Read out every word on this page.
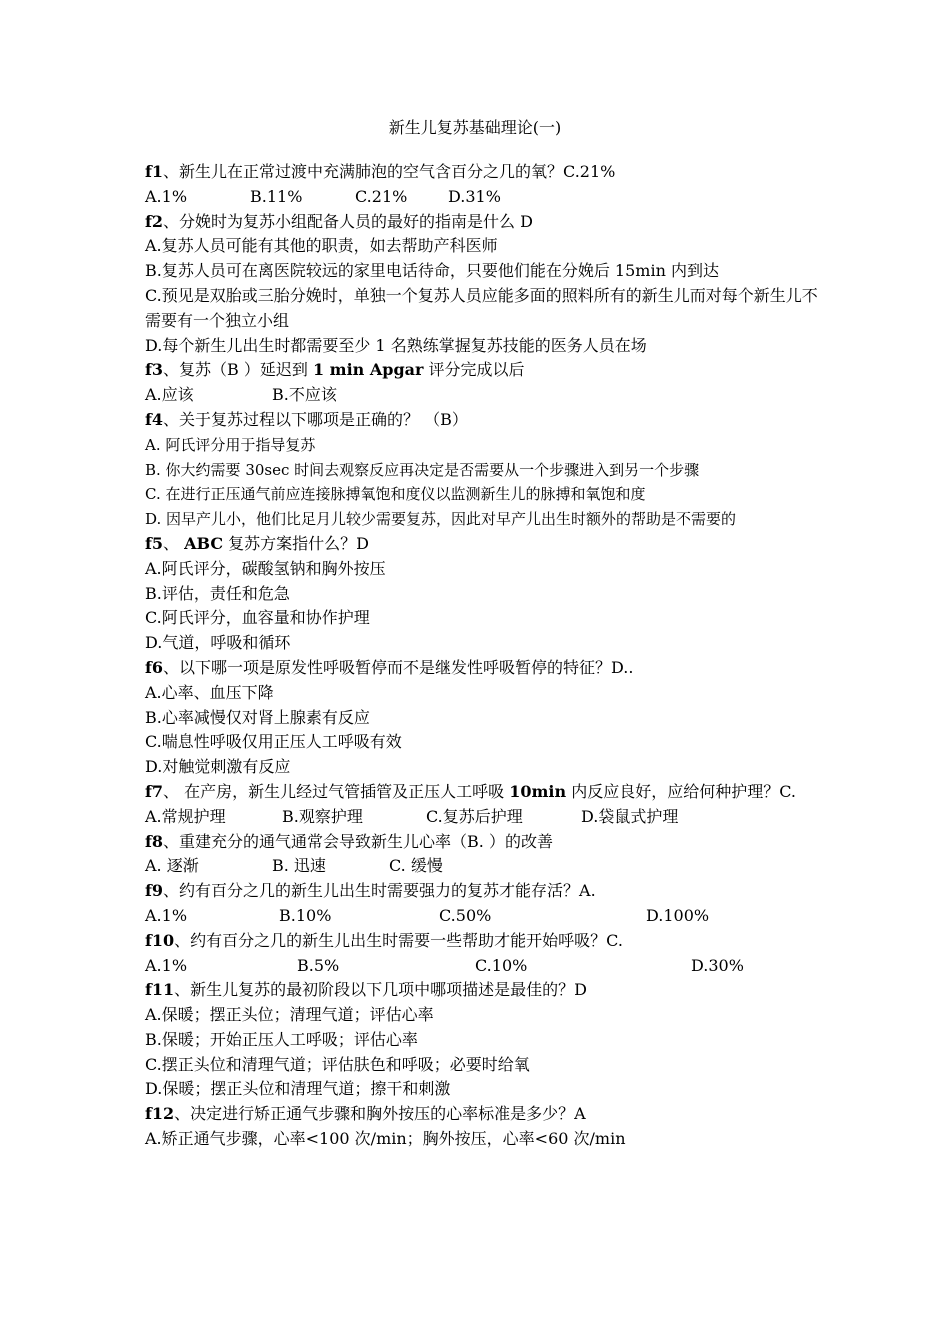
新生儿复苏基础理论(一)
f1、新生儿在正常过渡中充满肺泡的空气含百分之几的氧？C.21%
A.1%	B.11%	C.21%	D.31%
f2、分娩时为复苏小组配备人员的最好的指南是什么 D
A.复苏人员可能有其他的职责，如去帮助产科医师
B.复苏人员可在离医院较远的家里电话待命，只要他们能在分娩后 15min 内到达
C.预见是双胎或三胎分娩时，单独一个复苏人员应能多面的照料所有的新生儿而对每个新生儿不需要有一个独立小组
D.每个新生儿出生时都需要至少 1 名熟练掌握复苏技能的医务人员在场
f3、复苏（B ）延迟到 1 min Apgar 评分完成以后
A.应该	B.不应该
f4、关于复苏过程以下哪项是正确的？ （B）
A. 阿氏评分用于指导复苏
B. 你大约需要 30sec 时间去观察反应再决定是否需要从一个步骤进入到另一个步骤
C. 在进行正压通气前应连接脉搏氧饱和度仪以监测新生儿的脉搏和氧饱和度
D. 因早产儿小，他们比足月儿较少需要复苏，因此对早产儿出生时额外的帮助是不需要的
f5、 ABC 复苏方案指什么？D
A.阿氏评分，碳酸氢钠和胸外按压
B.评估，责任和危急
C.阿氏评分，血容量和协作护理
D.气道，呼吸和循环
f6、以下哪一项是原发性呼吸暂停而不是继发性呼吸暂停的特征？D..
A.心率、血压下降
B.心率减慢仅对肾上腺素有反应
C.喘息性呼吸仅用正压人工呼吸有效
D.对触觉刺激有反应
f7、 在产房，新生儿经过气管插管及正压人工呼吸 10min 内反应良好，应给何种护理？C.
A.常规护理	B.观察护理	C.复苏后护理	D.袋鼠式护理
f8、重建充分的通气通常会导致新生儿心率（B. ）的改善
A. 逐渐	B. 迅速	C. 缓慢
f9、约有百分之几的新生儿出生时需要强力的复苏才能存活？A.
A.1%	B.10%	C.50%	D.100%
f10、约有百分之几的新生儿出生时需要一些帮助才能开始呼吸？C.
A.1%	B.5%	C.10%	D.30%
f11、新生儿复苏的最初阶段以下几项中哪项描述是最佳的？D
A.保暖；摆正头位；清理气道；评估心率
B.保暖；开始正压人工呼吸；评估心率
C.摆正头位和清理气道；评估肤色和呼吸；必要时给氧
D.保暖；摆正头位和清理气道；擦干和刺激
f12、决定进行矫正通气步骤和胸外按压的心率标准是多少？A
A.矫正通气步骤，心率<100 次/min；胸外按压，心率<60 次/min
